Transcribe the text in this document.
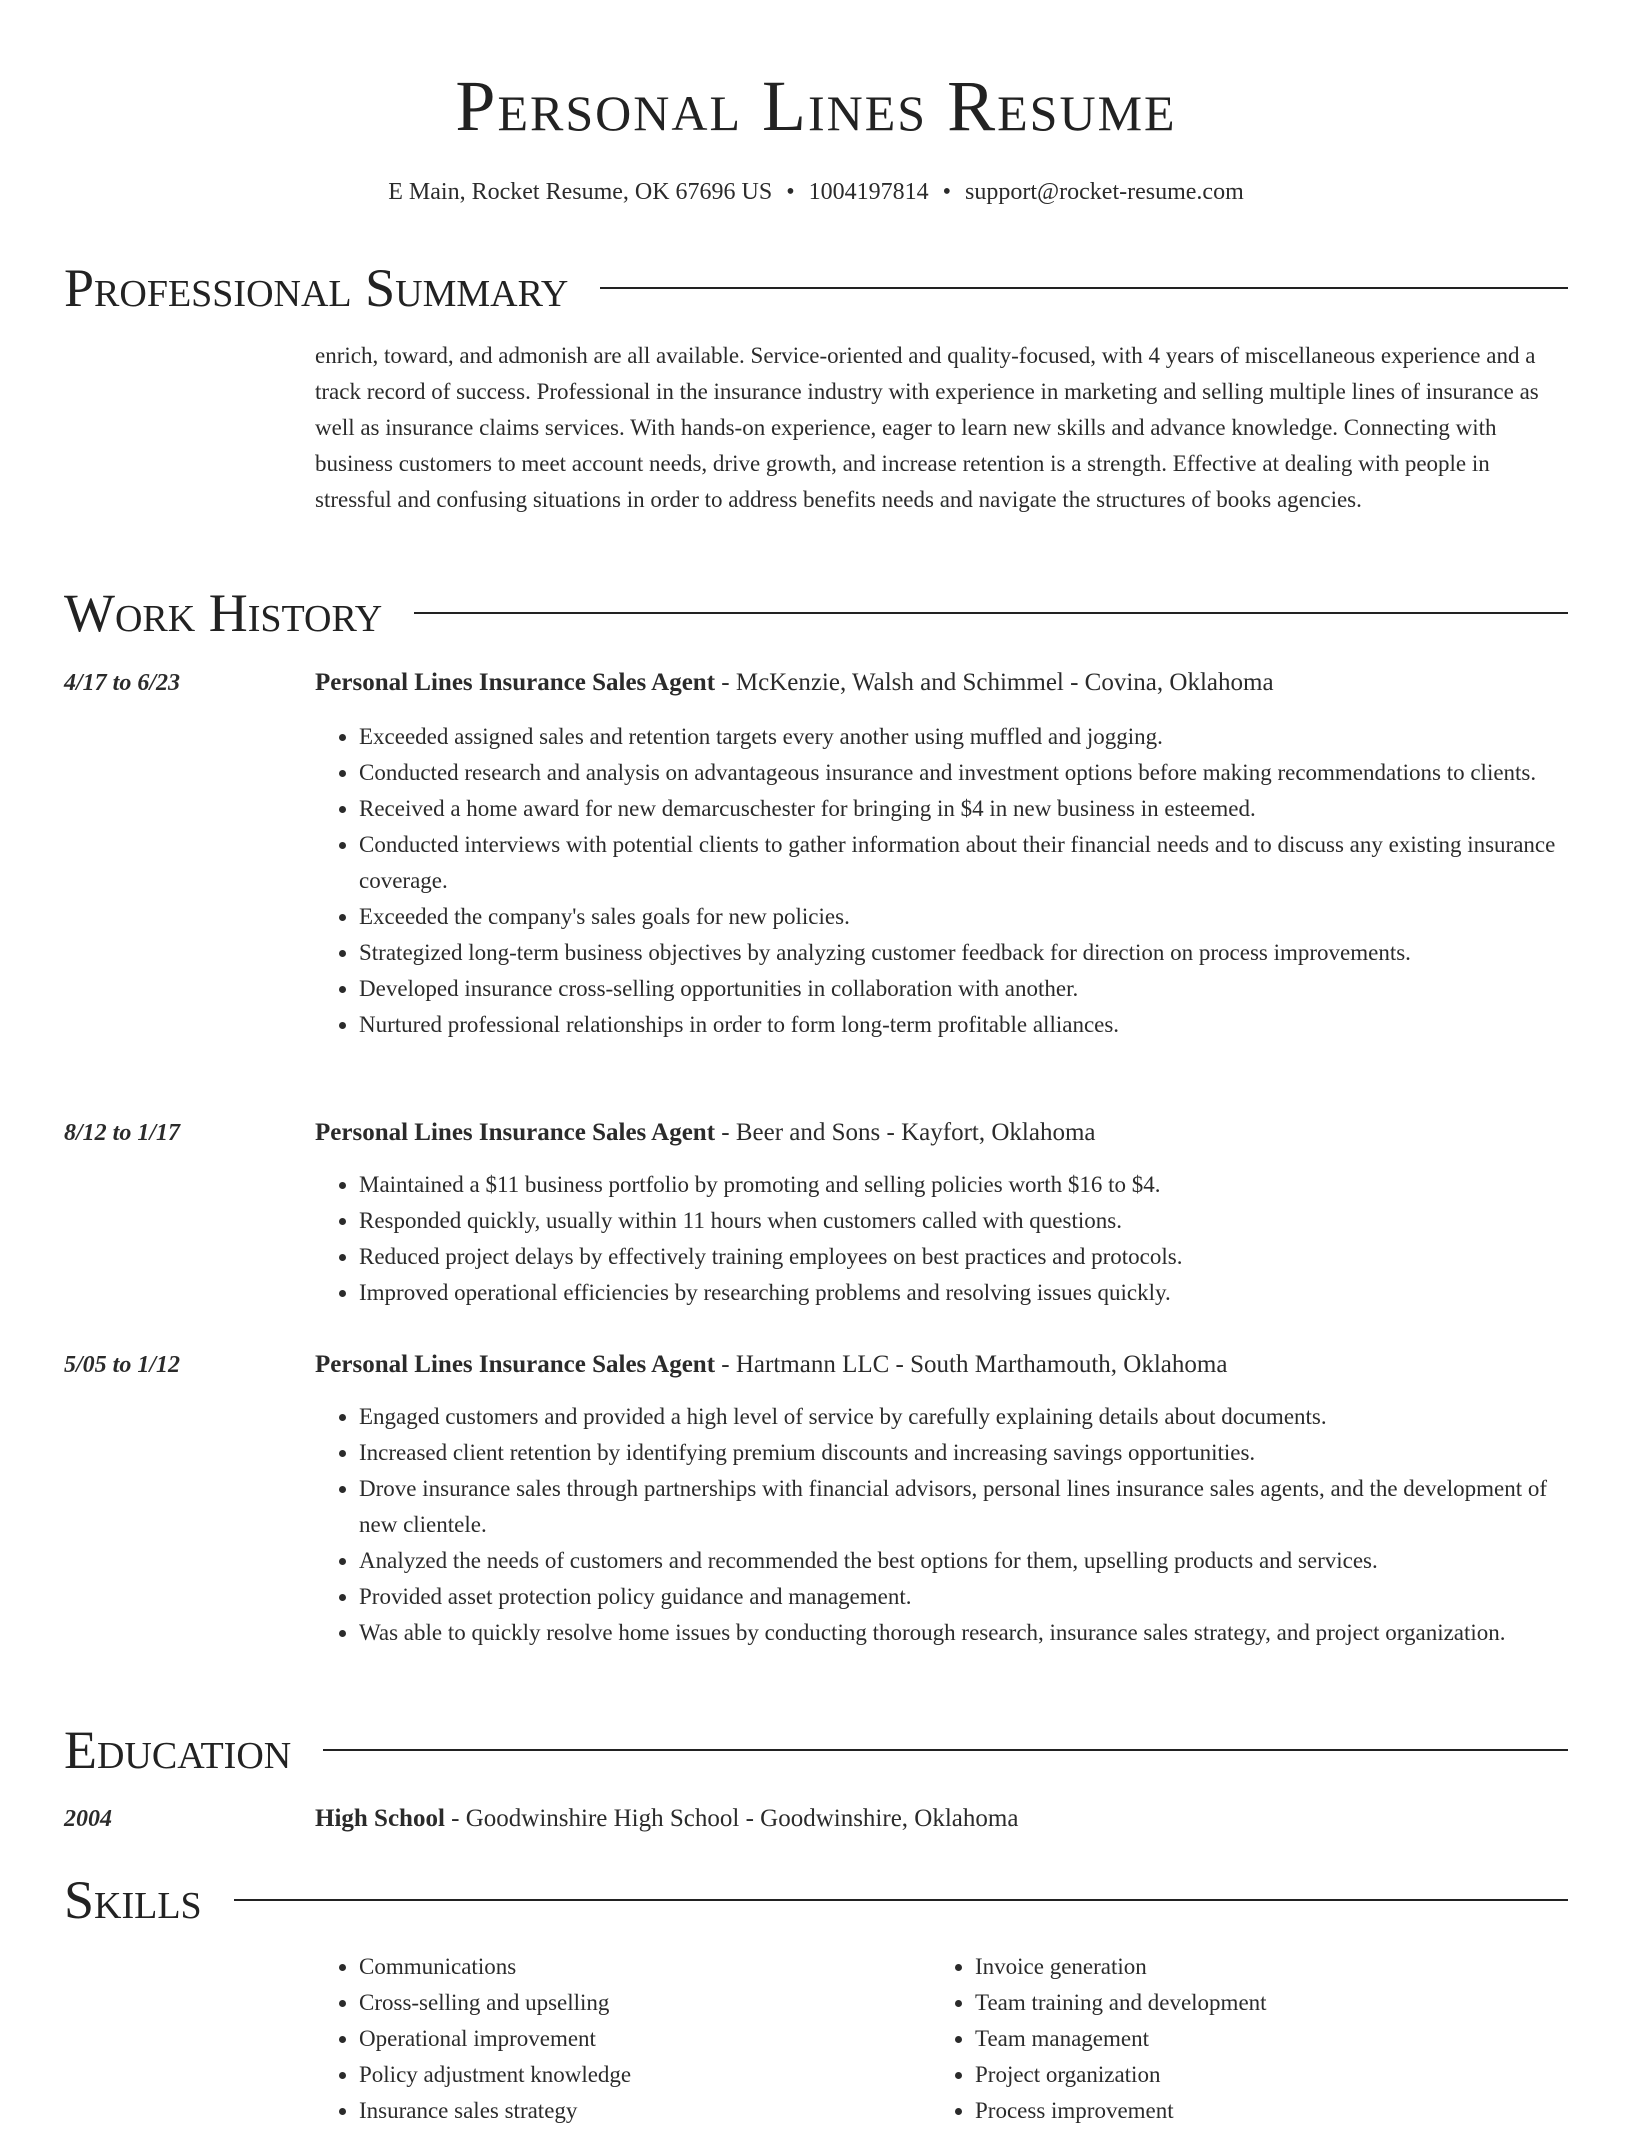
Personal Lines Resume
E Main, Rocket Resume, OK 67696 US • 1004197814 • support@rocket-resume.com
Professional Summary
enrich, toward, and admonish are all available. Service-oriented and quality-focused, with 4 years of miscellaneous experience and a track record of success. Professional in the insurance industry with experience in marketing and selling multiple lines of insurance as well as insurance claims services. With hands-on experience, eager to learn new skills and advance knowledge. Connecting with business customers to meet account needs, drive growth, and increase retention is a strength. Effective at dealing with people in stressful and confusing situations in order to address benefits needs and navigate the structures of books agencies.
Work History
4/17 to 6/23	Personal Lines Insurance Sales Agent - McKenzie, Walsh and Schimmel - Covina, Oklahoma
• Exceeded assigned sales and retention targets every another using muffled and jogging.
• Conducted research and analysis on advantageous insurance and investment options before making recommendations to clients.
• Received a home award for new demarcuschester for bringing in $4 in new business in esteemed.
• Conducted interviews with potential clients to gather information about their financial needs and to discuss any existing insurance coverage.
• Exceeded the company's sales goals for new policies.
• Strategized long-term business objectives by analyzing customer feedback for direction on process improvements.
• Developed insurance cross-selling opportunities in collaboration with another.
• Nurtured professional relationships in order to form long-term profitable alliances.
8/12 to 1/17	Personal Lines Insurance Sales Agent - Beer and Sons - Kayfort, Oklahoma
• Maintained a $11 business portfolio by promoting and selling policies worth $16 to $4.
• Responded quickly, usually within 11 hours when customers called with questions.
• Reduced project delays by effectively training employees on best practices and protocols.
• Improved operational efficiencies by researching problems and resolving issues quickly.
5/05 to 1/12	Personal Lines Insurance Sales Agent - Hartmann LLC - South Marthamouth, Oklahoma
• Engaged customers and provided a high level of service by carefully explaining details about documents.
• Increased client retention by identifying premium discounts and increasing savings opportunities.
• Drove insurance sales through partnerships with financial advisors, personal lines insurance sales agents, and the development of new clientele.
• Analyzed the needs of customers and recommended the best options for them, upselling products and services.
• Provided asset protection policy guidance and management.
• Was able to quickly resolve home issues by conducting thorough research, insurance sales strategy, and project organization.
Education
2004	High School - Goodwinshire High School - Goodwinshire, Oklahoma
Skills
• Communications
• Cross-selling and upselling
• Operational improvement
• Policy adjustment knowledge
• Insurance sales strategy
• Invoice generation
• Team training and development
• Team management
• Project organization
• Process improvement
